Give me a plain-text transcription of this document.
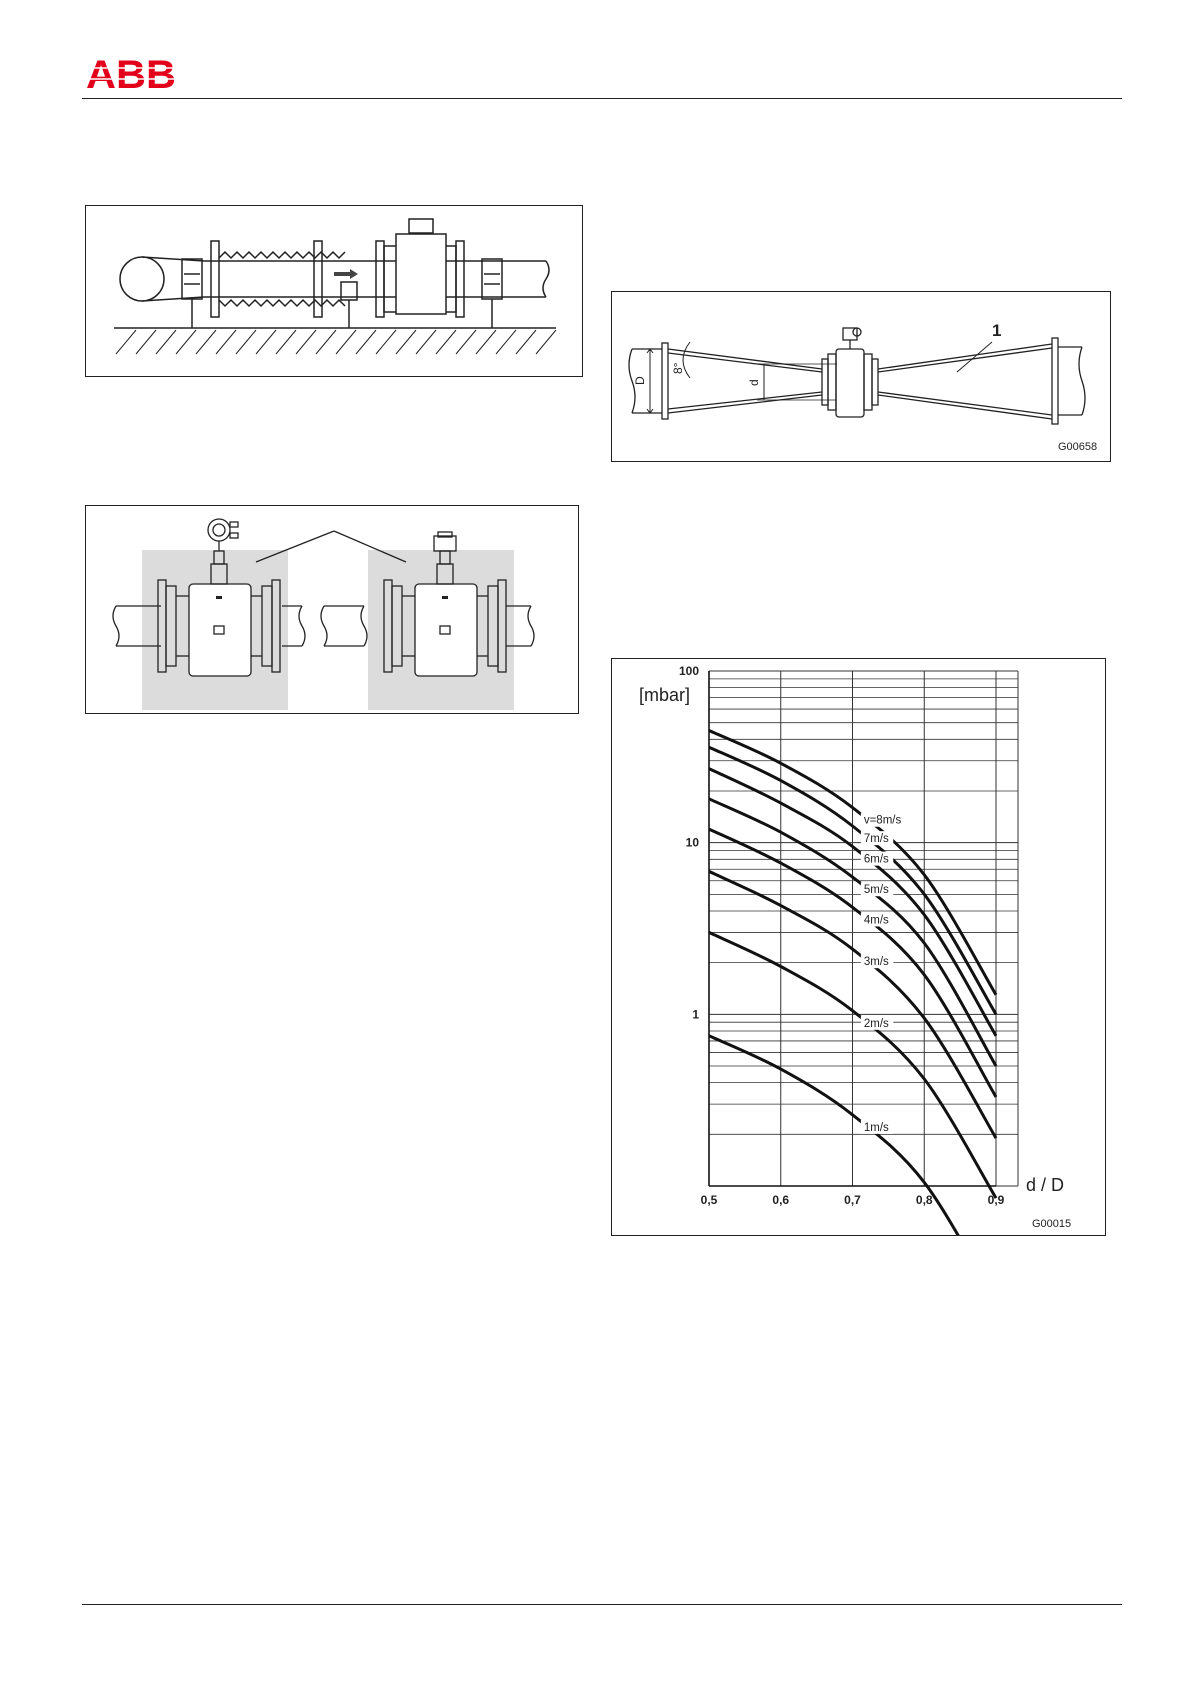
ABB
D	d
8°
1
G00658
0,5	0,6	0,7	0,8	0,9
1
10
100
v=8m/s
7m/s
6m/s
5m/s
4m/s
3m/s
2m/s
1m/s
[mbar]
d / D
G00015
